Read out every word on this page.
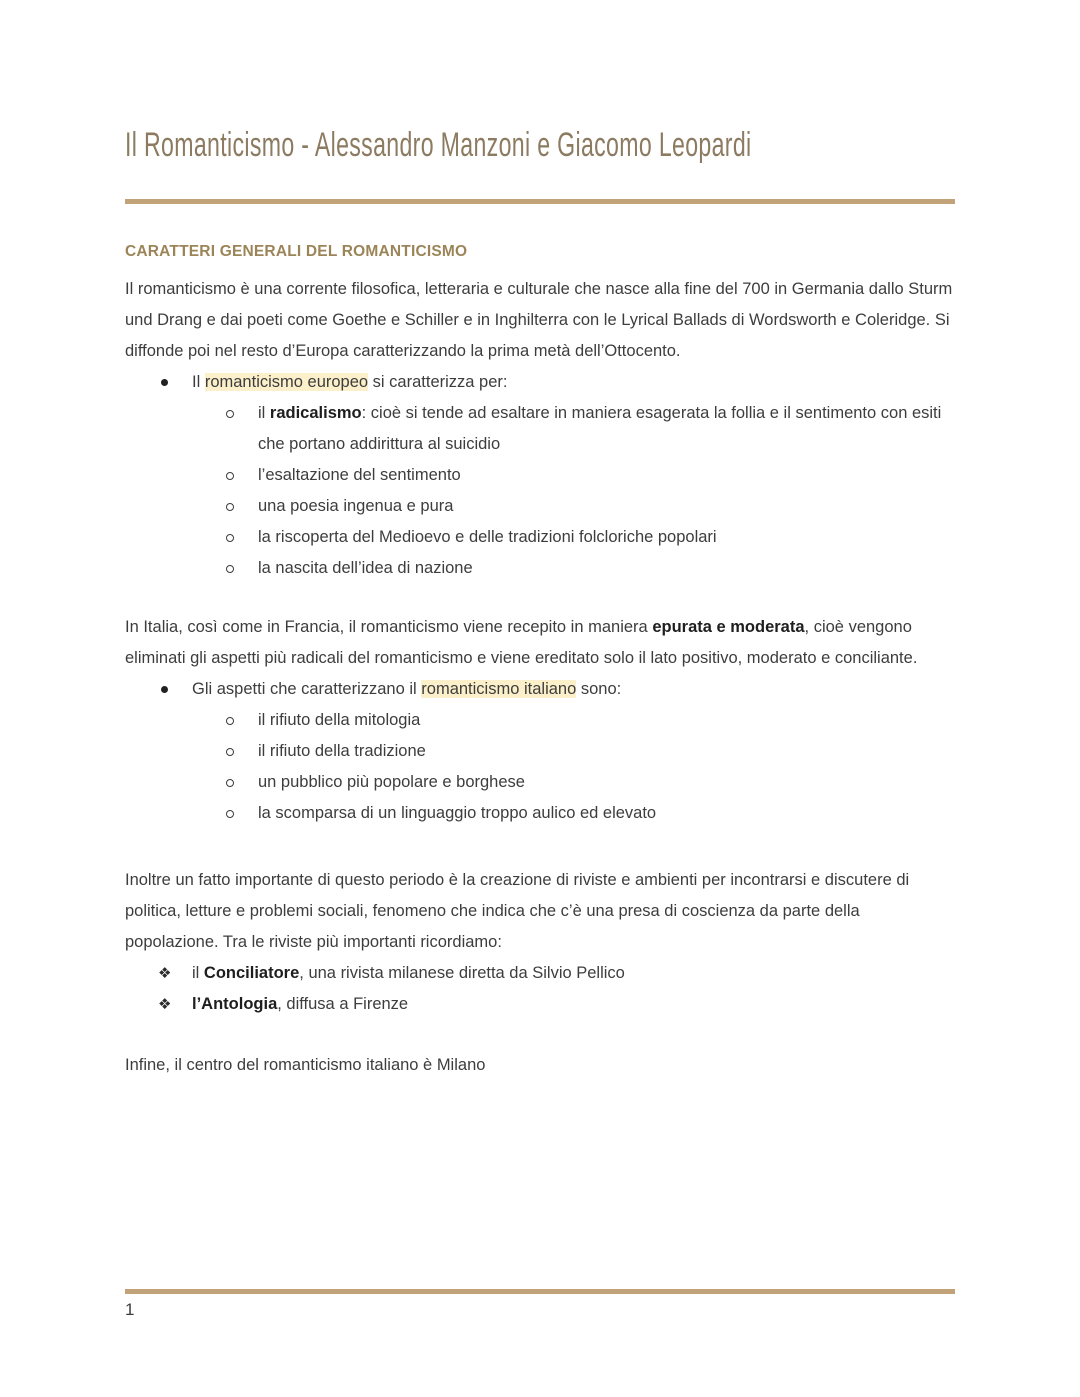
Il Romanticismo - Alessandro Manzoni e Giacomo Leopardi
CARATTERI GENERALI DEL ROMANTICISMO

Il romanticismo è una corrente filosofica, letteraria e culturale che nasce alla fine del 700 in Germania dallo Sturm und Drang e dai poeti come Goethe e Schiller e in Inghilterra con le Lyrical Ballads di Wordsworth e Coleridge. Si diffonde poi nel resto d’Europa caratterizzando la prima metà dell’Ottocento.

Il romanticismo europeo si caratterizza per:
il radicalismo: cioè si tende ad esaltare in maniera esagerata la follia e il sentimento con esiti che portano addirittura al suicidio
l’esaltazione del sentimento
una poesia ingenua e pura
la riscoperta del Medioevo e delle tradizioni folcloriche popolari
la nascita dell’idea di nazione

In Italia, così come in Francia, il romanticismo viene recepito in maniera epurata e moderata, cioè vengono eliminati gli aspetti più radicali del romanticismo e viene ereditato solo il lato positivo, moderato e conciliante.

Gli aspetti che caratterizzano il romanticismo italiano sono:
il rifiuto della mitologia
il rifiuto della tradizione
un pubblico più popolare e borghese
la scomparsa di un linguaggio troppo aulico ed elevato

Inoltre un fatto importante di questo periodo è la creazione di riviste e ambienti per incontrarsi e discutere di politica, letture e problemi sociali, fenomeno che indica che c’è una presa di coscienza da parte della popolazione. Tra le riviste più importanti ricordiamo:

❖ il Conciliatore, una rivista milanese diretta da Silvio Pellico
❖ l’Antologia, diffusa a Firenze

Infine, il centro del romanticismo italiano è Milano

1
